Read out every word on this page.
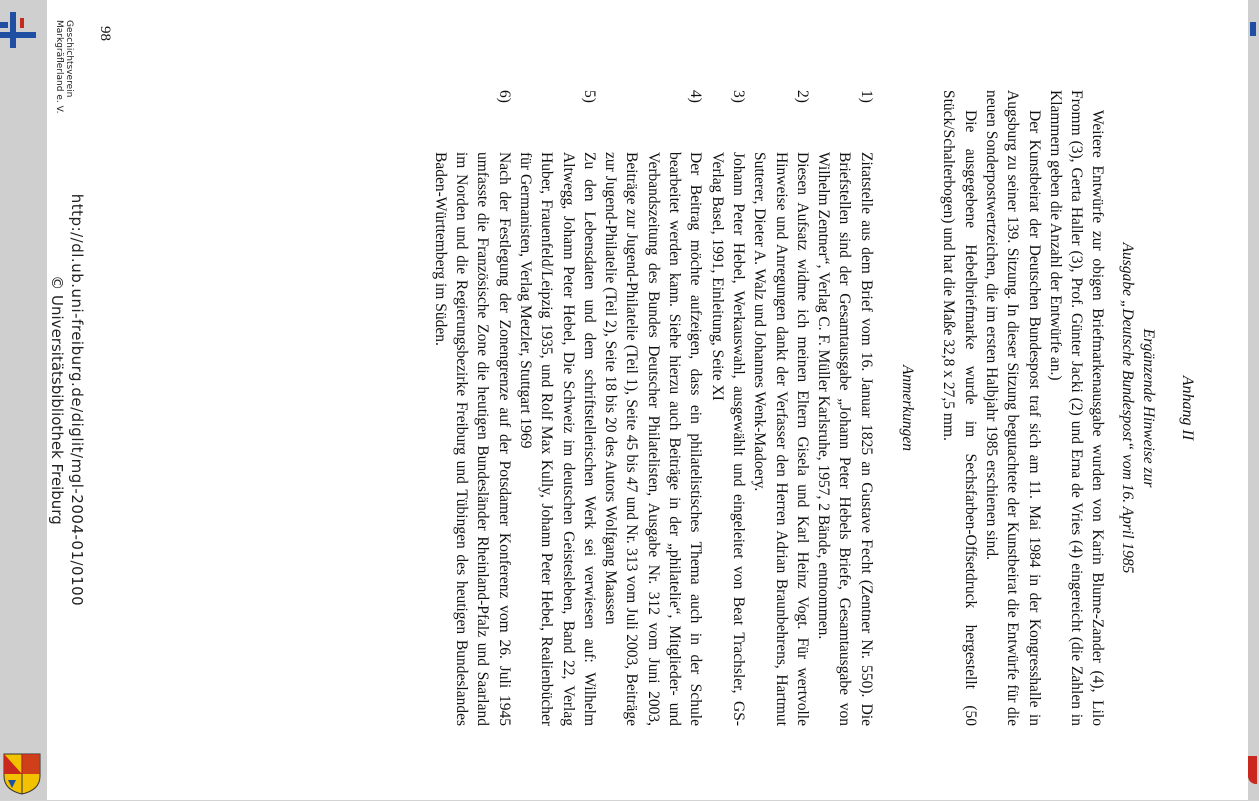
Anhang II
Ergänzende Hinweise zur
Ausgabe „Deutsche Bundespost“ vom 16. April 1985

Weitere Entwürfe zur obigen Briefmarkenausgabe wurden von Karin Blume-Zander (4), Lilo Fromm (3), Gerta Haller (3), Prof. Günter Jacki (2) und Erna de Vries (4) eingereicht (die Zahlen in Klammern geben die Anzahl der Entwürfe an.)

Der Kunstbeirat der Deutschen Bundespost traf sich am 11. Mai 1984 in der Kongresshalle in Augsburg zu seiner 139. Sitzung. In dieser Sitzung begutachtete der Kunstbeirat die Entwürfe für die neuen Sonderpostwertzeichen, die im ersten Halbjahr 1985 erschienen sind.

Die ausgegebene Hebelbriefmarke wurde im Sechsfarben-Offsetdruck hergestellt (50 Stück/Schalterbogen) und hat die Maße 32,8 x 27,5 mm.

Anmerkungen
1)
Zitatstelle aus dem Brief vom 16. Januar 1825 an Gustave Fecht (Zentner Nr. 550). Die Briefstellen sind der Gesamtausgabe „Johann Peter Hebels Briefe, Gesamtausgabe von Wilhelm Zentner“, Verlag C. F. Müller Karlsruhe, 1957, 2 Bände, entnommen.
2)
Diesen Aufsatz widme ich meinen Eltern Gisela und Karl Heinz Vogt. Für wertvolle Hinweise und Anregungen dankt der Verfasser den Herren Adrian Braunbehrens, Hartmut Sutterer, Dieter A. Walz und Johannes Wenk-Madoery.
3)
Johann Peter Hebel, Werkauswahl, ausgewählt und eingeleitet von Beat Trachsler, GS-Verlag Basel, 1991, Einleitung, Seite XI
4)
Der Beitrag möchte aufzeigen, dass ein philatelistisches Thema auch in der Schule bearbeitet werden kann. Siehe hierzu auch Beiträge in der „philatelie“, Mitglieder- und Verbandszeitung des Bundes Deutscher Philatelisten, Ausgabe Nr. 312 vom Juni 2003, Beiträge zur Jugend-Philatelie (Teil 1), Seite 45 bis 47 und Nr. 313 vom Juli 2003, Beiträge zur Jugend-Philatelie (Teil 2), Seite 18 bis 20 des Autors Wolfgang Maassen
5)
Zu den Lebensdaten und dem schriftstellerischen Werk sei verwiesen auf: Wilhelm Altwegg, Johann Peter Hebel, Die Schweiz im deutschen Geistesleben, Band 22, Verlag Huber, Frauenfeld/Leipzig 1935, und Rolf Max Kully, Johann Peter Hebel, Realienbücher für Germanisten, Verlag Metzler, Stuttgart 1969
6)
Nach der Festlegung der Zonengrenze auf der Potsdamer Konferenz vom 26. Juli 1945 umfasste die Französische Zone die heutigen Bundesländer Rheinland-Pfalz und Saarland im Norden und die Regierungsbezirke Freiburg und Tübingen des heutigen Bundeslandes Baden-Württemberg im Süden.
98
http://dl.ub.uni-freiburg.de/diglit/mgl-2004-01/0100
© Universitätsbibliothek Freiburg
Geschichtsverein
Markgräflerland e. V.
